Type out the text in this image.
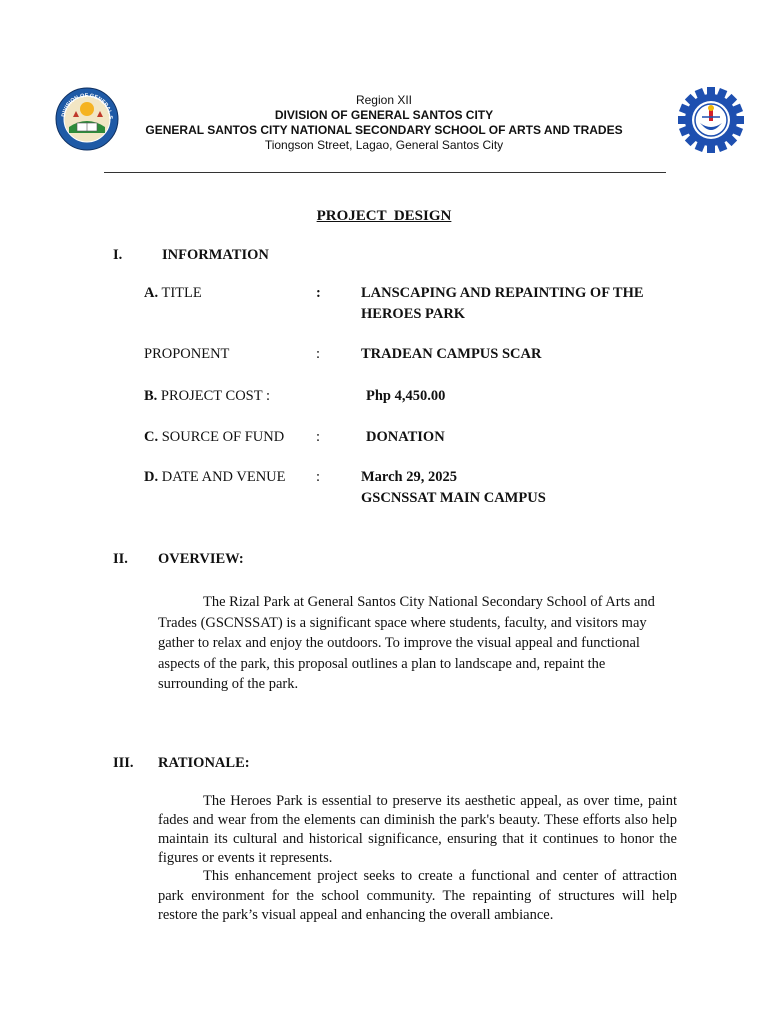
DIVISION OF GENERAL S
Region XII
DIVISION OF GENERAL SANTOS CITY
GENERAL SANTOS CITY NATIONAL SECONDARY SCHOOL OF ARTS AND TRADES
Tiongson Street, Lagao, General Santos City
PROJECT  DESIGN
I.	INFORMATION
A. TITLE	:	LANSCAPING AND REPAINTING OF THE
HEROES PARK
PROPONENT	:	TRADEAN CAMPUS SCAR
B. PROJECT COST :	Php 4,450.00
C. SOURCE OF FUND :	DONATION
D. DATE AND VENUE :	March 29, 2025
GSCNSSAT MAIN CAMPUS
II. OVERVIEW:
The Rizal Park at General Santos City National Secondary School of Arts and
Trades (GSCNSSAT) is a significant space where students, faculty, and visitors may
gather to relax and enjoy the outdoors. To improve the visual appeal and functional
aspects of the park, this proposal outlines a plan to landscape and, repaint the
surrounding of the park.
III. RATIONALE:
The Heroes Park is essential to preserve its aesthetic appeal, as over time, paint fades and wear from the elements can diminish the park's beauty. These efforts also help maintain its cultural and historical significance, ensuring that it continues to honor the figures or events it represents.
This enhancement project seeks to create a functional and center of attraction park environment for the school community. The repainting of structures will help restore the park’s visual appeal and enhancing the overall ambiance.
